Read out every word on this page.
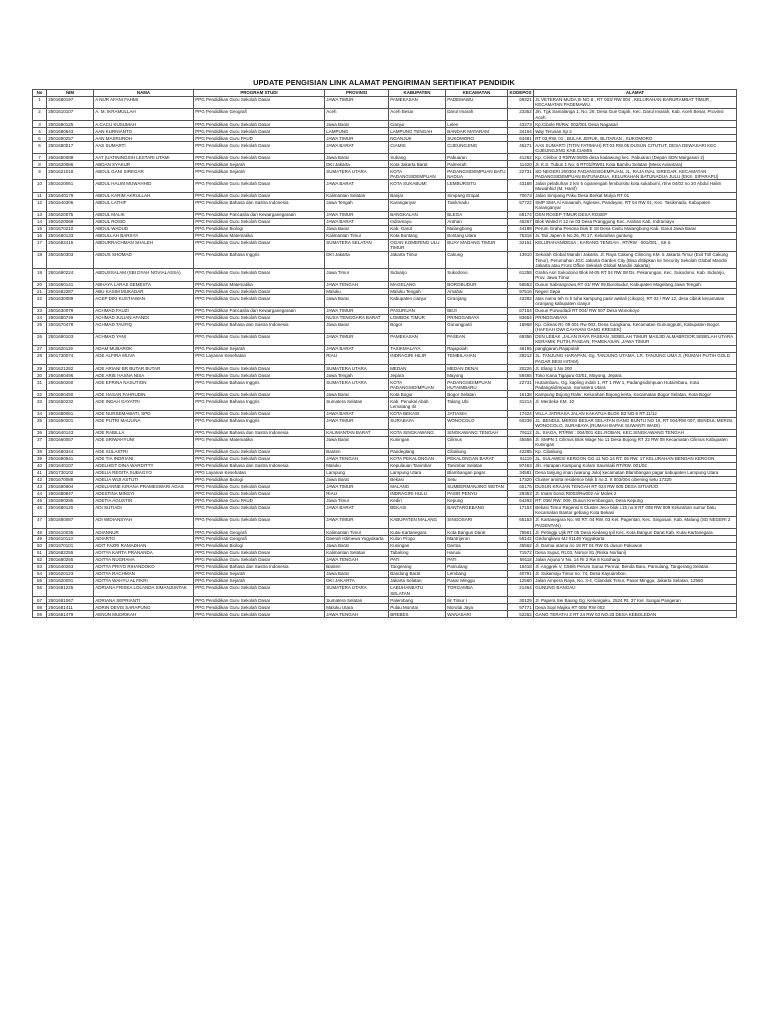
UPDATE PENGISIAN LINK ALAMAT PENGIRIMAN SERTIFIKAT PENDIDIK
No	NIM	NAMA	PROGRAM STUDI	PROVINSI	KABUPATEN	KECAMATAN	KODEPOS	ALAMAT
1	2501680197	A NUR AFANI FAHMI	PPG Pendidikan Guru Sekolah Dasar	JAWA TIMUR	PAMEKASAN	PADEMAWU	69321	JL VETERAN MUDA III NO.8 , RT 003/ RW 004 , KELURAHAN BARURAMBAT TIMUR , KECAMATAN PADEMAWU.
2	2501610107	A. M. IKRAMULLAH	PPG Pendidikan Geografi	Aceh	Aceh Besar	Darul Imarah	23352	Jln. Tgk Samalanga 1, No. 29, Desa Gue Gajah, Kec. Darul Imarah, Kab. Aceh Besar, Provinsi Aceh.
3	2501680125	A.CACU KUSUMAH	PPG Pendidikan Guru Sekolah Dasar	Jawa Barat	Cianjur	Leles	43273	Kp.Cibole Rt/Rw: 002/001 Desa Nagasari
4	2501680643	AAN KURNIANTO	PPG Pendidikan Guru Sekolah Dasar	LAMPUNG	LAMPUNG TENGAH	BANDAR MATARAM	34164	Way Terusan Sp 2
5	2501690257	AAN MASRUROH	PPG Pendidikan Guru PAUD	JAWA TIMUR	NGANJUK	SUKOMORO	64481	RT 03,RW. 01 , BULAK JERUK, BLITARAN , SUKOMORO
6	2501680017	AAS SUMARTI	PPG Pendidikan Guru Sekolah Dasar	JAWA BARAT	CIAMIS	CIJEUNGJING	46271	AAS SUMARTI (TITIN FATIMAH) RT.03 RW.05 DUSUN CITUTUT, DESA DEWASARI KEC. CIJEUNGJING KAB.CIAMIS
7	2501680088	AAT (UATININGSIH LESTARI UTAMI	PPG Pendidikan Guru Sekolah Dasar	Jawa Barat	Subang	Pabuaran	41262	Kp. Cilebor 3 Rt/RW.09/05 desa kadawung kec. Pabuaran (Depan SDN Margasari 2)
8	2501620086	ABDAN SYAKUR	PPG Pendidikan Sejarah	DKI Jakarta	Kota Jakarta Barat	Palmerah	11420	Jl. K.S. Tubun 1 No. 6 RT01/RW01 Kota Bambu Selatan (Mess Aviantara)
9	2501621018	ABDUL GANI SIREGAR	PPG Pendidikan Sejarah	SUMATERA UTARA	KOTA PADANGSIDEMPUAN	PADANGSIDEMPUAN BATU NADUA	22731	SD NEGERI 200304 PADANGSIDEMPUAN, JL. RAJA INAL SIREGAR, KECAMATAN PADANGSIDEMPUAN BATUNADUA, KELURAHAN BATUNADUA JULU (EKS. SIPARAPU)
10	2501620061	ABDUL HALIM MUWAHHID	PPG Pendidikan Guru Sekolah Dasar	JAWA BARAT	KOTA SUKABUMI	LEMBURSITU	43168	Jalan pelabuhan 2 km 5 cipanengah lembursitu kota sukabumi, rt/rw 04/02 no 20 Abdul Halim Muwahhid (M. Hanif)
11	2501640179	ABDUL KARIM AKRULLAH	PPG Pendidikan Guru Sekolah Dasar	Kalimantan Selatan	Banjar	Simpang Empat	70673	Jalan Simpang Paku Desa Berkat Mulya RT 01
12	2501640306	ABDUL LATHIF	PPG Pendidikan Bahasa dan Sastra Indonesia	Jawa Tengah	Karanganyar	Tasikmadu	57722	SMP SMA Al Amaanah, Ngleses, Pandeyan, RT 04 RW 01, Kec. Tasikmadu, Kabupaten Karanganyar
13	2501620075	ABDUL MALIK	PPG Pendidikan Pancasila dan Kewarganegaraan	JAWA TIMUR	BANGKALAN	BLEGA	69174	DSN ROSEP TIMUR DESA ROSEP
14	2501620068	ABDUL ROSID	PPG Pendidikan Guru Sekolah Dasar	JAWA BARAT	Indramayu	Arahan	45267	Blok Waled rt 12 rw 03 Desa Pranggong Kec. Arahan Kab. Indramayu
15	2501670210	ABDUL WADUD	PPG Pendidikan Biologi	Jawa Barat	Kab. Garut	Malangbong	44188	Perum Graha Pesona blok E 18 Desa Cisitu Malangbong Kab. Garut Jawa Barat
16	2501680133	ABDULLAH BARSYA	PPG Pendidikan Matematika	Kalimantan Timur	Kota Bontang	Bontang Utara	75316	JL Tari Japen 5 No.26, Rt 17, Kelurahan guntung
17	2501682415	ABDURRACHMAN SHALEH	PPG Pendidikan Guru Sekolah Dasar	SUMATERA SELATAN	OGAN KOMERING ULU TIMUR	BUAY MADANG TIMUR	32161	KELURAHAN/DESA : KARANG TENGAH , RT/RW : 001/001 , SK 5
18	2501650303	ABDUS SHOMAD	PPG Pendidikan Bahasa Inggris	DKI Jakarta	Jakarta Timur	Cakung	13910	Sekolah Global Mandiri Jakarta. Jl. Raya Cakung Cilincing KM. 5 Jakarta Timur (Exit Toll Cakung Timur). Perumahan JGC Jakarta Garden City (Bisa dititipkan ke Security Sekolah Global Mandiri Jakarta atau Front Office Sekolah Global Mandiri Jakarta)
19	2501680224	ABDUSSALAM (SBI DYAH NOVIALASSA)	PPG Pendidikan Guru Sekolah Dasar	Jawa Timur	Sidoarjo	Sukodono	61258	Graha Asri Sukodono Blok M-05 RT 04 RW 08 Ds. Pekarungan, Kec. Sukodono, Kab. Sidoarjo, Prov. Jawa Timur
20	2501660141	ABHAYA LARAS SEMESTA	PPG Pendidikan Matematika	JAWA TENGAH	MAGELANG	BOROBUDUR	56553	Dusun Sabrangrowo,RT 01/ RW 09,Borobudur, Kabupaten Magelang,Jawa Tengah.
21	2501682287	ABU KASIM MUKADAR	PPG Pendidikan Guru Sekolah Dasar	Maluku	Maluku Tengah	Amahai	97516	Negeri Sepa
22	2501630089	ACEP DIKI KUSTIAWAN	PPG Pendidikan Guru Sekolah Dasar	Jawa Barat	Kabupaten cianjur	Ciranjang	43282	atas nama teh ni h toha kampung pasir awitali (cikopo), RT 02 / RW 12, desa cibiuk kecamatan ciranjang kabupaten cianjur
23	2501630079	ACHMAD FAUZI	PPG Pendidikan Pancasila dan Kewarganegaraan	JAWA TIMUR	PASURUAN	BEJI	67154	Dusun Purwodadi RT 004/ RW 007 Desa Wonokoyo
24	2501680749	ACHMAD JULIAN AFANDI	PPG Pendidikan Guru Sekolah Dasar	NUSA TENGGARA BARAT	LOMBOK TIMUR	PRINGGABAYA	83654	PRINGGABAYA
25	2501670478	ACHMAD TAUFIQ	PPG Pendidikan Bahasa dan Sastra Indonesia	Jawa Barat	Bogor	Gunungputri	16968	Kp. Cikeas Rt. 09 001 Rw 002, Desa Cangkana, Kecamatan Gunungputri, Kabupaten Bogor. (HAFSAH DWI CAHYANI GANG KRESEK)
26	2501680103	ACHMAD YANI	PPG Pendidikan Guru Sekolah Dasar	JAWA TIMUR	PAMEKASAN	PASEAN	69356	DSN LEBAK ,JALAN RAYA PASEAN ,SEBELAH TIMUR MASJID ALMABROOR,SEBELAH UTARA KERAMIK PUTIH,PASEAN, PAMEKASAN ,JAWA TIMUR
27	2501620119	ADAM MUBAROK	PPG Pendidikan Sejarah	JAWA BARAT	TASIKMALAYA	Rajapolah	46155	panglgaran,Rajapolah
28	2501730074	ADE ALFIRA MUVA	PPG Layanan Kesehatan	RIAU	INDRAGIRI HILIR	TEMBILAHAN	29212	JL. TANJUNG HARAPAN, Gg. TANJUNG UTAMA, LR. TANJUNG UMA 3, (RUMAH PUTIH GOLD PAGAR BESI HITAM)
29	2501621282	ADE ARIANI BR BUTAR BUTAR	PPG Pendidikan Guru Sekolah Dasar	SUMATERA UTARA	MEDAN	MEDAN DENAI	20226	Jl. Elang 1 No 200
30	2501680496	ADE ARIE HASNA NISA	PPG Pendidikan Guru Sekolah Dasar	Jawa Tengah	Jepara	Mayong	59465	Toko Icana Tigajuru 03/01, Mayong, Jepara.
31	2501650260	ADE EFRINA NASUTION	PPG Pendidikan Bahasa Inggris	SUMATERA UTARA	KOTA PADANGSIDIMPUAN	PADANGSIDIMPUAN HUTAIMBARU	22731	Hutaimbaru, Gg. kapling indah 1, RT 1 RW 1, Padangsidimpuan Hutaimbaru, Kota Padangsidimpuan, Sumatera Utara
32	2501680450	ADE HASAN FAHRUDIN	PPG Pendidikan Guru Sekolah Dasar	Jawa Barat	Kota Bogor	Bogor Selatan	16138	Kampung Bojong Raler, Kelurahan Bojong kerta, Kecamatan Bogor Selatan, Kota Bogor
33	2501650232	ADE INDAH GAYATRI	PPG Pendidikan Bahasa Inggris	Sumatera Selatan	Kab. Penukal Abab Lematang Ilir	Talang Ubi	31214	Jl. Merdeka KM. 10
34	2501680061	ADE NURSEMAWATI, SPD	PPG Pendidikan Guru Sekolah Dasar	JAWA BARAT	KOTA BEKASI	JATIASIH	17424	VILLA JATIRASA JALAN KAKATUA BLOK B3 NO.6 RT.11/12
35	2501650201	ADE PUTRI MAULINA	PPG Pendidikan Bahasa Inggris	JAWA TIMUR	SURABAYA	WONOCOLO	60239	JL. BENDUL MERISI BESAR SELATAN GANG BUNTU NO 18, RT 004/RW 007, BENDUL MERISI, WONOCOLO, SURABAYA (RUMAH BAPAK SUWANTI WADI)
36	2501640143	ADE RABILLA	PPG Pendidikan Bahasa dan Sastra Indonesia	KALIMANTAN BARAT	KOTA SINGKAWANG	SINGKAWANG TENGAH	79112	JL. SIAGA, RT/RW : 004/001 KEL.ROBAN, KEC.SINGKAWANG TENGAH
37	2501660057	ADE SRIWAHYUNI	PPG Pendidikan Matematika	Jawa Barat	Kuningan	Cilimus	45556	Jl. SMPN 1 Cilimus Blok Wage No 11 Desa Bojong RT 22 RW 08 Kecamatan Cilimus Kabupaten Kuningan
38	2501680344	ADE SULASTRI	PPG Pendidikan Guru Sekolah Dasar	Banten	Pandeglang	Cibaliung	42285	Kp. Cibaliung
39	2501680641	ADE TIA INDRIANI	PPG Pendidikan Guru Sekolah Dasar	JAWA TENGAH	KOTA PEKALONGAN	PEKALONGAN BARAT	51119	JL. SULAWESI KERGON GG.11 NO.14 RT. 05 RW. 17 KELURAHAN BENDAN KERGON
40	2501640107	ADELHEIT DINA WARDITTY	PPG Pendidikan Bahasa dan Sastra Indonesia	Maluku	Kepulauan Tanimbar	Tanimbar Selatan	97463	Jln. Harapan Kampung Kolam Saumlaki RT/RW. 001/02
41	2501730102	ADELIA REGITA SUBAGYO	PPG Layanan Kesehatan	Lampung	Lampung Utara	Blambangan pagar	34581	Desa tanjung iman (warung Jolo) kecamatan Blambangan pagar kabupaten Lampung Utara
42	2501670089	ADELIA WIJI ASTUTI	PPG Pendidikan Biologi	Jawa Barat	Bekasi	Setu	17320	Cluster amirta residence blok b no.2. rt 003/004 cibening setu 17320
43	2501680804	ADELIANNE KIRANA PRAMESWARI AGAS	PPG Pendidikan Guru Sekolah Dasar	JAWA TIMUR	MALANG	SUMBERMANJING WETAN	65176	DUSUN KRAJAN TENGAH RT 024 RW 005 DESA SITIARJO
44	2501680847	ADESTINA MINSYI	PPG Pendidikan Guru Sekolah Dasar	RIAU	INDRAGIRI HULU	PASIR PENYU	29353	Jl. Imam bonol Rt003/Rw002 Air Molek 2
45	2501690285	ADETIA AGUSTIN	PPG Pendidikan Guru PAUD	Jawa Timur	Kediri	Kepung	64293	RT: 036/ RW: 009, Dusun Krembangan, Desa Kepung
46	2501680120	ADI SUTIADI	PPG Pendidikan Guru Sekolah Dasar	JAWA BARAT	BEKASI	BANTARGEBANG	17154	Bekasi Timur Regensi 5 Cluster Jeco blok i.15 no.8 RT 008 RW 009 Kelurahan sumur batu Kecamatan Bantar gebang Kota Bekasi
47	2501680087	ADI WIDIANSYAH	PPG Pendidikan Guru Sekolah Dasar	JAWA TIMUR	KABUPATEN MALANG	SINGOSARI	65153	Jl. Kartanegara No. 90 RT. 04 RW. 03 Kel. Pagentan, Kec. Singosari, Kab. Malang (SD NEGERI 2 PAGENTAN)
48	2501610035	ADIANNUR	PPG Pendidikan Geografi	Kalimantan Timur	Kutai Kartanegara	Kota Bangun Darat	75561	Jl. Petinggi Ujik RT 05 Desa Kedang Ipil Kec. Kota Bangun Darat Kab. Kutai Kartanegara
49	2501610113	ADIARTO	PPG Pendidikan Geografi	Daerah Istimewa Yogyakarta	Kulon Progo	Mantrijeron	55142	Gedongkiwo MJ I/1148 Yogyakarta
50	2501670101	ADIT FAZRI RAMADHAN	PPG Pendidikan Biologi	Jawa Barat	Kuningan	Darma	45562	Jl. Darma utama no 18 RT 01 RW 01 dusun Pakuwon
51	2501682255	ADITYA KARTA PRANANDA	PPG Pendidikan Guru Sekolah Dasar	Kalimantan Selatan	Tabalong	Haruai	71572	Desa Suput, Rt.03, Nomor 81 (Riska Norliani)
52	2501680265	ADITYA NUGRAHA	PPG Pendidikan Guru Sekolah Dasar	JAWA TENGAH	PATI	PATI	59118	Jalan Arjuna V No. 14 RI 2 Rw 8 Kutoharjo
53	2501640263	ADITYA PRIYO RIHANDOKO	PPG Pendidikan Bahasa dan Sastra Indonesia	Banten	Tangerang	Pamulang	15418	Jl. Anggrek V, C58/6 Perum Sarua Permai, Benda Baru, Pamulang, Tangerang Selatan.
54	2501620123	ADITYA RACHMAN	PPG Pendidikan Sejarah	Jawa Barat	Bandung Barat	Lembang	40791	Jl. Sukamaju Timur no. 74, Desa Kayuambon.
55	2501620091	ADITYA WAHYU AL FIKRI	PPG Pendidikan Sejarah	DKI JAKARTA	Jakarta Selatan	Pasar Minggu	12560	Jalan Ampera Raya, No. 3-4, Cilandak Timur, Pasar Minggu, Jakarta Selatan, 12560
56	2501681225	ADRIANA FRISKA LOLANDA SIMANJUNTAK	PPG Pendidikan Guru Sekolah Dasar	SUMATERA UTARA	LABUHANBATU SELATAN	TORGAMBA	21464	GUNUNG BANGAU
57	2501681067	ADRIANA SEPRIANTI	PPG Pendidikan Guru Sekolah Dasar	Sumatera Selatan	Palembang	Ilir Timur I	30129	Jl. Papera Sei Baung Gg. Keluargaku. 2524 Rt. 37 Kel. Sungai Pangeran
58	2501681411	ADRIN DEVIS SARAPUNG	PPG Pendidikan Guru Sekolah Dasar	Maluku Utara	Pulau Morotai	Morotai Jaya	97771	Desa Sopi Majiko RT 005/ RW 002
59	2501681479	AENUN MUDRIKAH	PPG Pendidikan Guru Sekolah Dasar	JAWA TENGAH	BREBES	WANASARI	52252	GANG TERATAI 2 RT 24 RW 03 NO.33 DESA KEBOLEDAN
